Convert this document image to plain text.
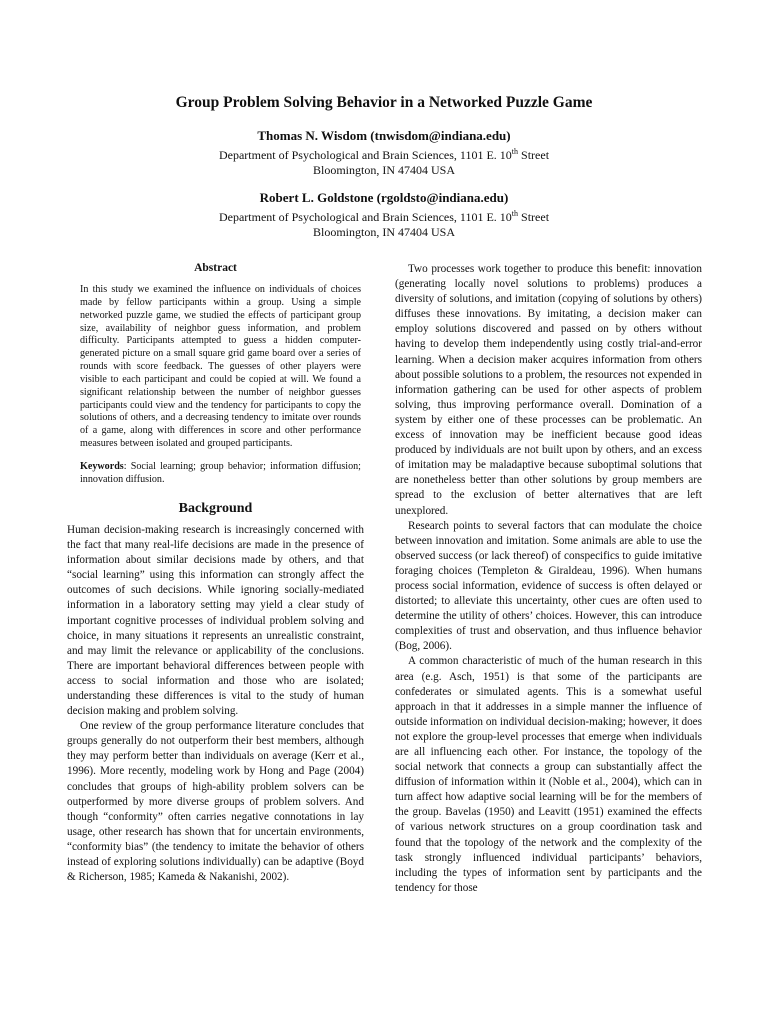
Group Problem Solving Behavior in a Networked Puzzle Game
Thomas N. Wisdom (tnwisdom@indiana.edu)
Department of Psychological and Brain Sciences, 1101 E. 10th Street
Bloomington, IN 47404 USA
Robert L. Goldstone (rgoldsto@indiana.edu)
Department of Psychological and Brain Sciences, 1101 E. 10th Street
Bloomington, IN 47404 USA
Abstract

In this study we examined the influence on individuals of choices made by fellow participants within a group. Using a simple networked puzzle game, we studied the effects of participant group size, availability of neighbor guess information, and problem difficulty. Participants attempted to guess a hidden computer-generated picture on a small square grid game board over a series of rounds with score feedback. The guesses of other players were visible to each participant and could be copied at will. We found a significant relationship between the number of neighbor guesses participants could view and the tendency for participants to copy the solutions of others, and a decreasing tendency to imitate over rounds of a game, along with differences in score and other performance measures between isolated and grouped participants.

Keywords: Social learning; group behavior; information diffusion; innovation diffusion.

Background

Human decision-making research is increasingly concerned with the fact that many real-life decisions are made in the presence of information about similar decisions made by others, and that “social learning” using this information can strongly affect the outcomes of such decisions. While ignoring socially-mediated information in a laboratory setting may yield a clear study of important cognitive processes of individual problem solving and choice, in many situations it represents an unrealistic constraint, and may limit the relevance or applicability of the conclusions. There are important behavioral differences between people with access to social information and those who are isolated; understanding these differences is vital to the study of human decision making and problem solving.

One review of the group performance literature concludes that groups generally do not outperform their best members, although they may perform better than individuals on average (Kerr et al., 1996). More recently, modeling work by Hong and Page (2004) concludes that groups of high-ability problem solvers can be outperformed by more diverse groups of problem solvers. And though “conformity” often carries negative connotations in lay usage, other research has shown that for uncertain environments, “conformity bias” (the tendency to imitate the behavior of others instead of exploring solutions individually) can be adaptive (Boyd & Richerson, 1985; Kameda & Nakanishi, 2002).

Two processes work together to produce this benefit: innovation (generating locally novel solutions to problems) produces a diversity of solutions, and imitation (copying of solutions by others) diffuses these innovations. By imitating, a decision maker can employ solutions discovered and passed on by others without having to develop them independently using costly trial-and-error learning. When a decision maker acquires information from others about possible solutions to a problem, the resources not expended in information gathering can be used for other aspects of problem solving, thus improving performance overall. Domination of a system by either one of these processes can be problematic. An excess of innovation may be inefficient because good ideas produced by individuals are not built upon by others, and an excess of imitation may be maladaptive because suboptimal solutions that are nonetheless better than other solutions by group members are spread to the exclusion of better alternatives that are left unexplored.

Research points to several factors that can modulate the choice between innovation and imitation. Some animals are able to use the observed success (or lack thereof) of conspecifics to guide imitative foraging choices (Templeton & Giraldeau, 1996). When humans process social information, evidence of success is often delayed or distorted; to alleviate this uncertainty, other cues are often used to determine the utility of others’ choices. However, this can introduce complexities of trust and observation, and thus influence behavior (Bog, 2006).

A common characteristic of much of the human research in this area (e.g. Asch, 1951) is that some of the participants are confederates or simulated agents. This is a somewhat useful approach in that it addresses in a simple manner the influence of outside information on individual decision-making; however, it does not explore the group-level processes that emerge when individuals are all influencing each other. For instance, the topology of the social network that connects a group can substantially affect the diffusion of information within it (Noble et al., 2004), which can in turn affect how adaptive social learning will be for the members of the group. Bavelas (1950) and Leavitt (1951) examined the effects of various network structures on a group coordination task and found that the topology of the network and the complexity of the task strongly influenced individual participants’ behaviors, including the types of information sent by participants and the tendency for those
